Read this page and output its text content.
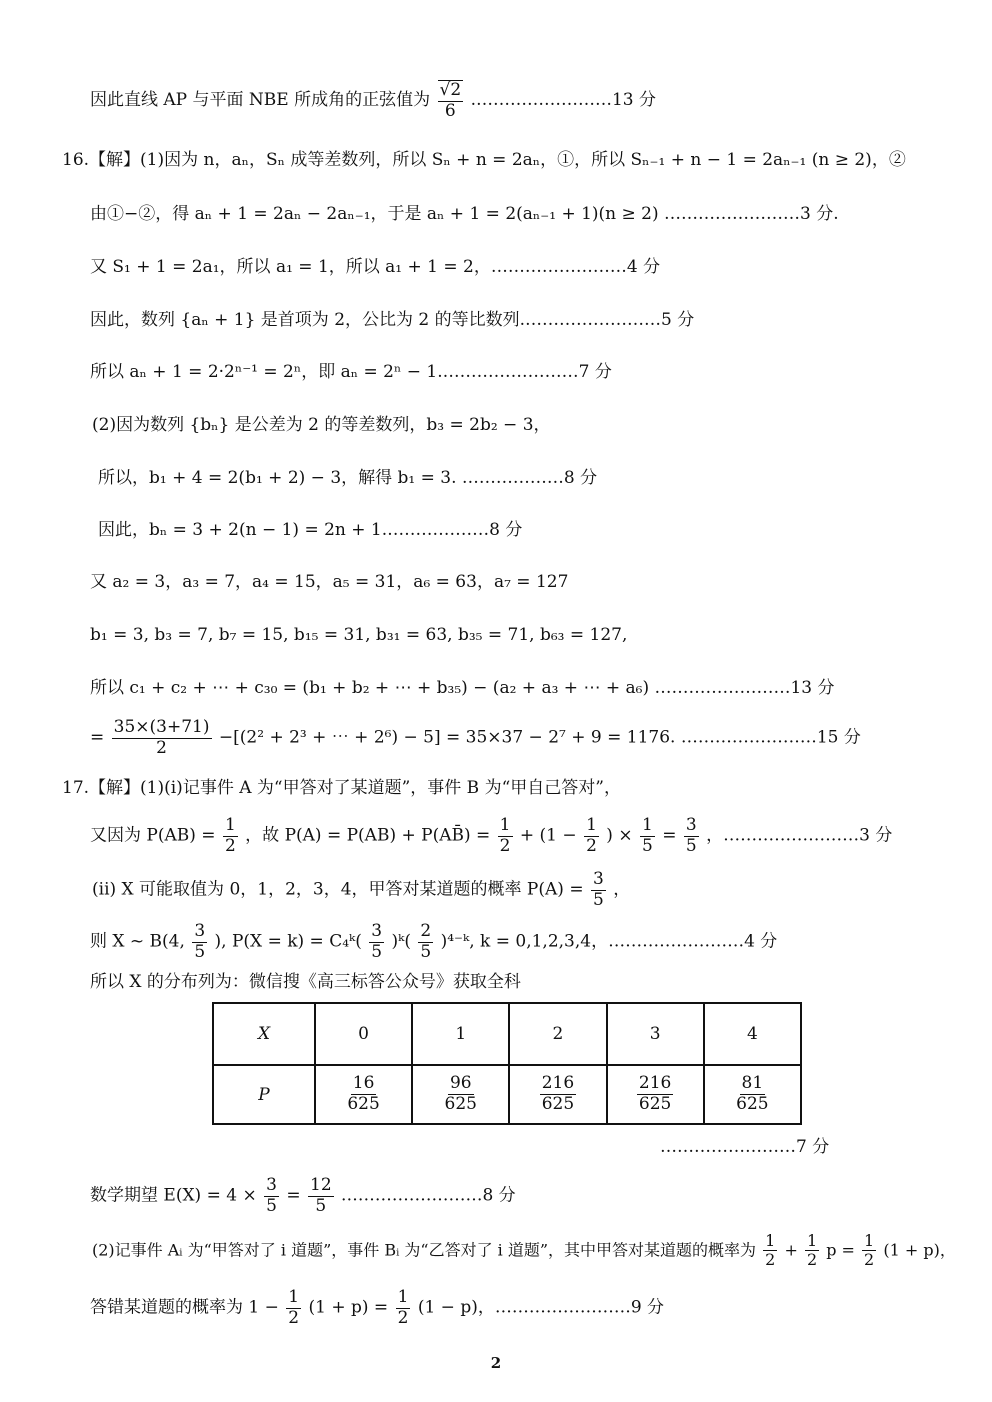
因此直线 AP 与平面 NBE 所成角的正弦值为 $\frac{√2}{6}$ .……………………13 分
16.【解】(1)因为 n，aₙ，Sₙ 成等差数列，所以 Sₙ + n = 2aₙ，①，所以 Sₙ₋₁ + n − 1 = 2aₙ₋₁ (n ≥ 2)，②
由①−②，得 aₙ + 1 = 2aₙ − 2aₙ₋₁，于是 aₙ + 1 = 2(aₙ₋₁ + 1)(n ≥ 2) ……………………3 分.
又 S₁ + 1 = 2a₁，所以 a₁ = 1，所以 a₁ + 1 = 2，……………………4 分
因此，数列 {aₙ + 1} 是首项为 2，公比为 2 的等比数列.……………………5 分
所以 aₙ + 1 = 2·2ⁿ⁻¹ = 2ⁿ，即 aₙ = 2ⁿ − 1.……………………7 分
(2)因为数列 {bₙ} 是公差为 2 的等差数列，b₃ = 2b₂ − 3，
所以，b₁ + 4 = 2(b₁ + 2) − 3，解得 b₁ = 3. ………………8 分
因此，bₙ = 3 + 2(n − 1) = 2n + 1.………………8 分
又 a₂ = 3，a₃ = 7，a₄ = 15，a₅ = 31，a₆ = 63，a₇ = 127
b₁ = 3, b₃ = 7, b₇ = 15, b₁₅ = 31, b₃₁ = 63, b₃₅ = 71, b₆₃ = 127,
所以 c₁ + c₂ + ⋯ + c₃₀ = (b₁ + b₂ + ⋯ + b₃₅) − (a₂ + a₃ + ⋯ + a₆) ……………………13 分
= $\frac{35\times(3+71)}{2} -[(2^2 + 2^3$ + ⋯ + 2⁶) − 5] = 35×37 − 2⁷ + 9 = 1176. ……………………15 分
17.【解】(1)(i)记事件 A 为“甲答对了某道题”，事件 B 为“甲自己答对”，
又因为 $P(AB) = \frac{1}{2}$ ，故 P(A) = P(AB) + P(AB̄) = $\frac{1}{2} + (1 - \frac{1}{2}$ ) × $\frac{1}{5} = \frac{3}{5}$ ，……………………3 分
(ii) X 可能取值为 0，1，2，3，4，甲答对某道题的概率 $P(A) = \frac{3}{5}$ ，
则 X ~ B(4, $\frac{3}{5}$ ), P(X = k) = C₄ᵏ( $\frac{3}{5}$ )ᵏ( $\frac{2}{5}$ )⁴⁻ᵏ, k = 0,1,2,3,4，……………………4 分
所以 X 的分布列为：微信搜《高三标答公众号》获取全科
X	0	1	2	3	4
P	$\frac{16}{625}$	$\frac{96}{625}$	$\frac{216}{625}$	$\frac{216}{625}$	$\frac{81}{625}$
……………………7 分
数学期望 $E(X) = 4 \times \frac{3}{5} = \frac{12}{5}$ .……………………8 分
(2)记事件 Aᵢ 为“甲答对了 i 道题”，事件 Bᵢ 为“乙答对了 i 道题”，其中甲答对某道题的概率为 $\frac{1}{2} + \frac{1}{2}$ $p = \frac{1}{2} (1 + p)$，
答错某道题的概率为 $1 - \frac{1}{2} (1 + p) = \frac{1}{2} (1 - p)$，……………………9 分
2
